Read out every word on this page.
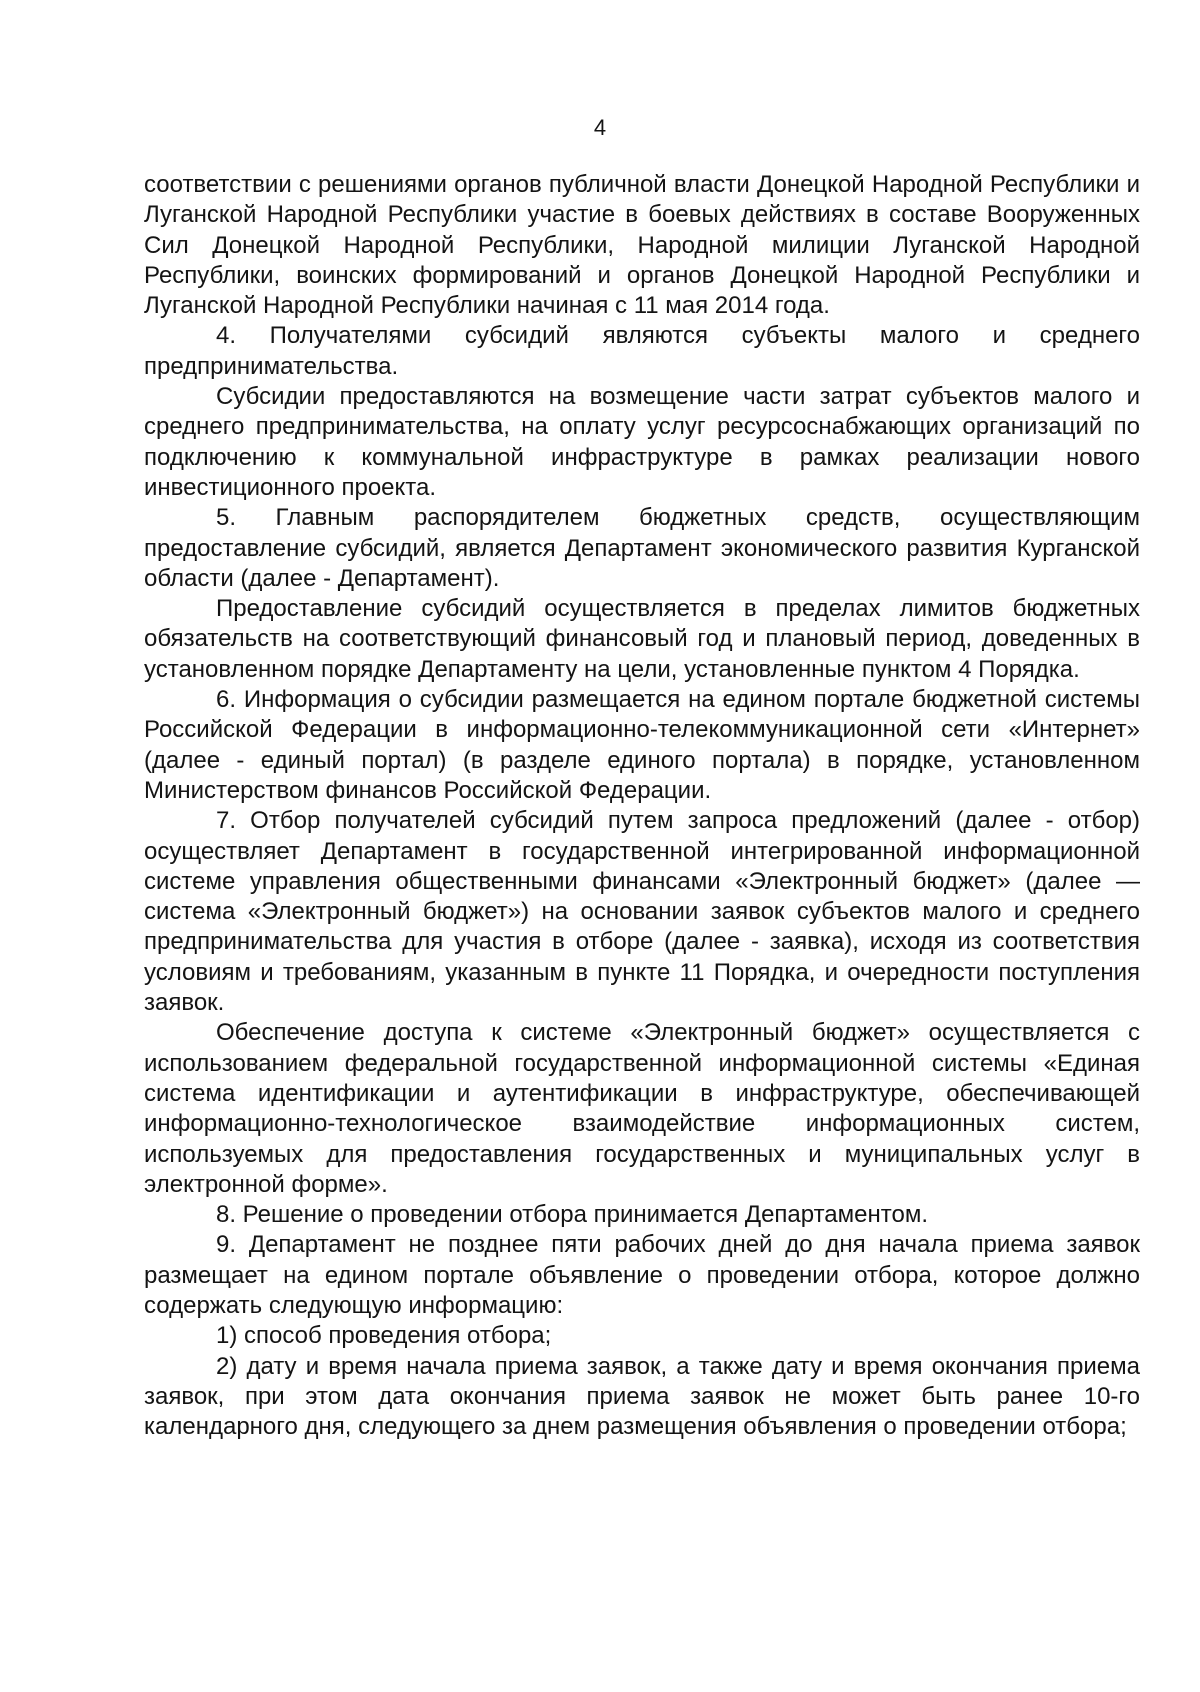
4

соответствии с решениями органов публичной власти Донецкой Народной Республики и Луганской Народной Республики участие в боевых действиях в составе Вооруженных Сил Донецкой Народной Республики, Народной милиции Луганской Народной Республики, воинских формирований и органов Донецкой Народной Республики и Луганской Народной Республики начиная с 11 мая 2014 года.

4. Получателями субсидий являются субъекты малого и среднего предпринимательства.

Субсидии предоставляются на возмещение части затрат субъектов малого и среднего предпринимательства, на оплату услуг ресурсоснабжающих организаций по подключению к коммунальной инфраструктуре в рамках реализации нового инвестиционного проекта.

5. Главным распорядителем бюджетных средств, осуществляющим предоставление субсидий, является Департамент экономического развития Курганской области (далее - Департамент).

Предоставление субсидий осуществляется в пределах лимитов бюджетных обязательств на соответствующий финансовый год и плановый период, доведенных в установленном порядке Департаменту на цели, установленные пунктом 4 Порядка.

6. Информация о субсидии размещается на едином портале бюджетной системы Российской Федерации в информационно-телекоммуникационной сети «Интернет» (далее - единый портал) (в разделе единого портала) в порядке, установленном Министерством финансов Российской Федерации.

7. Отбор получателей субсидий путем запроса предложений (далее - отбор) осуществляет Департамент в государственной интегрированной информационной системе управления общественными финансами «Электронный бюджет» (далее — система «Электронный бюджет») на основании заявок субъектов малого и среднего предпринимательства для участия в отборе (далее - заявка), исходя из соответствия условиям и требованиям, указанным в пункте 11 Порядка, и очередности поступления заявок.

Обеспечение доступа к системе «Электронный бюджет» осуществляется с использованием федеральной государственной информационной системы «Единая система идентификации и аутентификации в инфраструктуре, обеспечивающей информационно-технологическое взаимодействие информационных систем, используемых для предоставления государственных и муниципальных услуг в электронной форме».

8. Решение о проведении отбора принимается Департаментом.

9. Департамент не позднее пяти рабочих дней до дня начала приема заявок размещает на едином портале объявление о проведении отбора, которое должно содержать следующую информацию:

1) способ проведения отбора;

2) дату и время начала приема заявок, а также дату и время окончания приема заявок, при этом дата окончания приема заявок не может быть ранее 10-го календарного дня, следующего за днем размещения объявления о проведении отбора;
